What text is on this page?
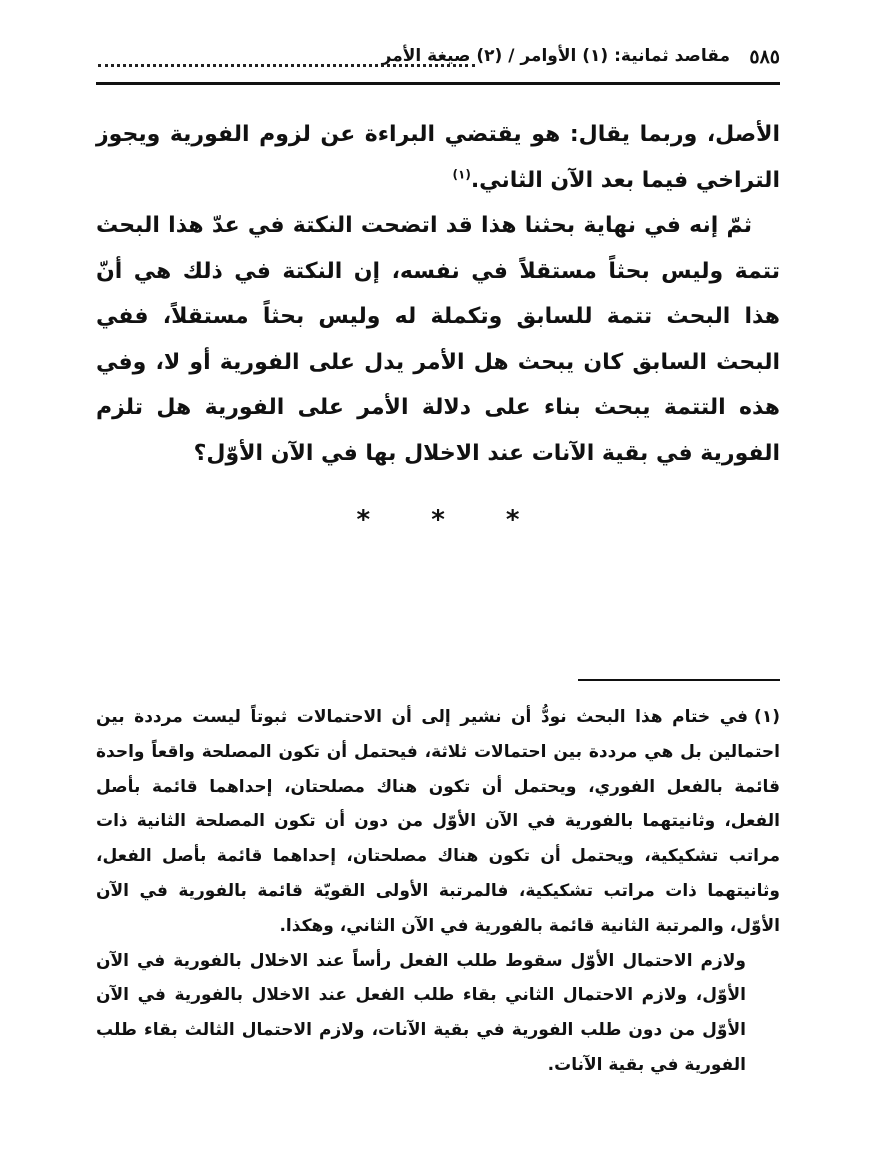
٥٨٥
مقاصد ثمانية: (١) الأوامر / (٢) صيغة الأمر

الأصل، وربما يقال: هو يقتضي البراءة عن لزوم الفورية ويجوز التراخي فيما بعد الآن الثاني.$^{(١)}$

ثمّ إنه في نهاية بحثنا هذا قد اتضحت النكتة في عدّ هذا البحث تتمة وليس بحثاً مستقلاً في نفسه، إن النكتة في ذلك هي أنّ هذا البحث تتمة للسابق وتكملة له وليس بحثاً مستقلاً، ففي البحث السابق كان يبحث هل الأمر يدل على الفورية أو لا، وفي هذه التتمة يبحث بناء على دلالة الأمر على الفورية هل تلزم الفورية في بقية الآنات عند الاخلال بها في الآن الأوّل؟

* * *

(١)في ختام هذا البحث نودُّ أن نشير إلى أن الاحتمالات ثبوتاً ليست مرددة بين احتمالين بل هي مرددة بين احتمالات ثلاثة، فيحتمل أن تكون المصلحة واقعاً واحدة قائمة بالفعل الفوري، ويحتمل أن تكون هناك مصلحتان، إحداهما قائمة بأصل الفعل، وثانيتهما بالفورية في الآن الأوّل من دون أن تكون المصلحة الثانية ذات مراتب تشكيكية، ويحتمل أن تكون هناك مصلحتان، إحداهما قائمة بأصل الفعل، وثانيتهما ذات مراتب تشكيكية، فالمرتبة الأولى القويّة قائمة بالفورية في الآن الأوّل، والمرتبة الثانية قائمة بالفورية في الآن الثاني، وهكذا.

ولازم الاحتمال الأوّل سقوط طلب الفعل رأساً عند الاخلال بالفورية في الآن الأوّل، ولازم الاحتمال الثاني بقاء طلب الفعل عند الاخلال بالفورية في الآن الأوّل من دون طلب الفورية في بقية الآنات، ولازم الاحتمال الثالث بقاء طلب الفورية في بقية الآنات.
